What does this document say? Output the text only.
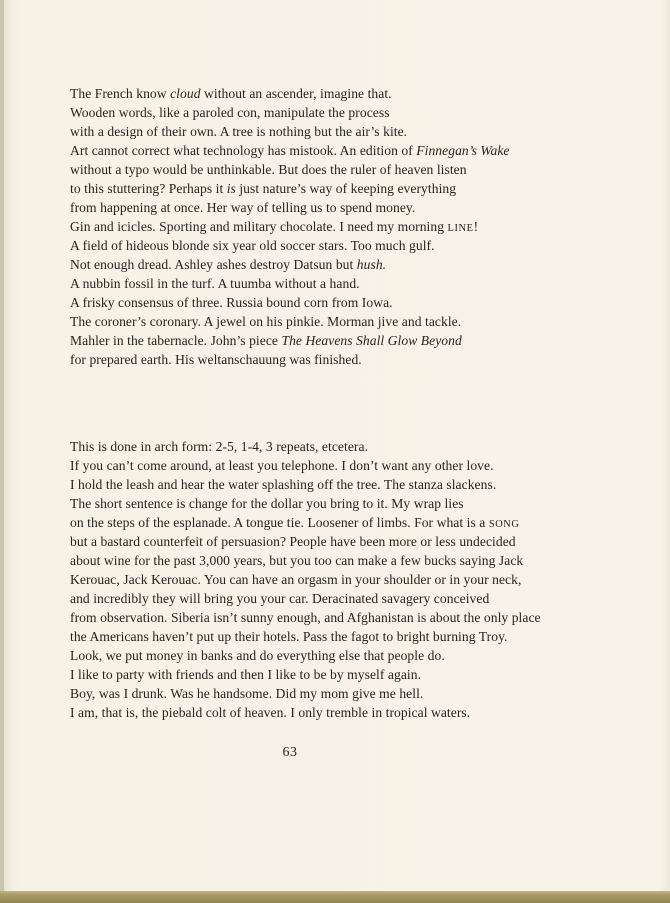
The French know cloud without an ascender, imagine that.
Wooden words, like a paroled con, manipulate the process
with a design of their own. A tree is nothing but the air’s kite.
Art cannot correct what technology has mistook. An edition of Finnegan’s Wake
without a typo would be unthinkable. But does the ruler of heaven listen
to this stuttering? Perhaps it is just nature’s way of keeping everything
from happening at once. Her way of telling us to spend money.
Gin and icicles. Sporting and military chocolate. I need my morning LINE!
A field of hideous blonde six year old soccer stars. Too much gulf.
Not enough dread. Ashley ashes destroy Datsun but hush.
A nubbin fossil in the turf. A tuumba without a hand.
A frisky consensus of three. Russia bound corn from Iowa.
The coroner’s coronary. A jewel on his pinkie. Morman jive and tackle.
Mahler in the tabernacle. John’s piece The Heavens Shall Glow Beyond
for prepared earth. His weltanschauung was finished.
This is done in arch form: 2-5, 1-4, 3 repeats, etcetera.
If you can’t come around, at least you telephone. I don’t want any other love.
I hold the leash and hear the water splashing off the tree. The stanza slackens.
The short sentence is change for the dollar you bring to it. My wrap lies
on the steps of the esplanade. A tongue tie. Loosener of limbs. For what is a SONG
but a bastard counterfeit of persuasion? People have been more or less undecided
about wine for the past 3,000 years, but you too can make a few bucks saying Jack
Kerouac, Jack Kerouac. You can have an orgasm in your shoulder or in your neck,
and incredibly they will bring you your car. Deracinated savagery conceived
from observation. Siberia isn’t sunny enough, and Afghanistan is about the only place
the Americans haven’t put up their hotels. Pass the fagot to bright burning Troy.
Look, we put money in banks and do everything else that people do.
I like to party with friends and then I like to be by myself again.
Boy, was I drunk. Was he handsome. Did my mom give me hell.
I am, that is, the piebald colt of heaven. I only tremble in tropical waters.
63
